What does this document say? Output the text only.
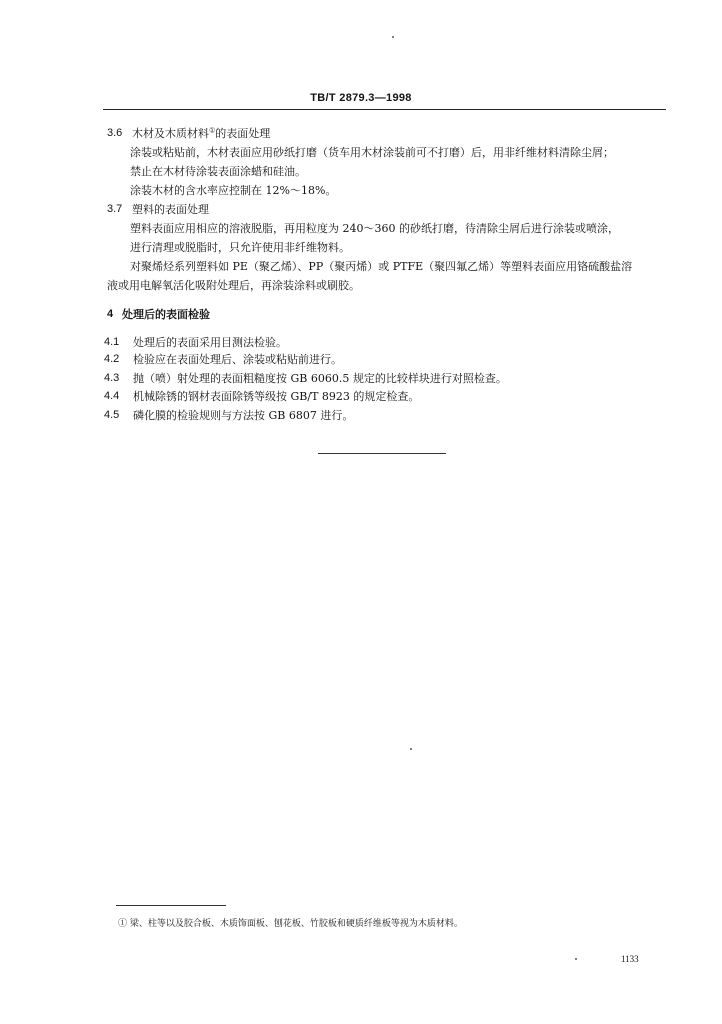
TB/T 2879.3—1998
3.6 木材及木质材料①的表面处理
涂装或粘贴前，木材表面应用砂纸打磨（货车用木材涂装前可不打磨）后，用非纤维材料清除尘屑；
禁止在木材待涂装表面涂蜡和硅油。
涂装木材的含水率应控制在 12%～18%。
3.7 塑料的表面处理
塑料表面应用相应的溶液脱脂，再用粒度为 240～360 的砂纸打磨，待清除尘屑后进行涂装或喷涂，
进行清理或脱脂时，只允许使用非纤维物料。
对聚烯烃系列塑料如 PE（聚乙烯）、PP（聚丙烯）或 PTFE（聚四氟乙烯）等塑料表面应用铬硫酸盐溶
液或用电解氧活化吸附处理后，再涂装涂料或刷胶。
4 处理后的表面检验
4.1 处理后的表面采用目测法检验。
4.2 检验应在表面处理后、涂装或粘贴前进行。
4.3 抛（喷）射处理的表面粗糙度按 GB 6060.5 规定的比较样块进行对照检查。
4.4 机械除锈的钢材表面除锈等级按 GB/T 8923 的规定检查。
4.5 磷化膜的检验规则与方法按 GB 6807 进行。
① 梁、柱等以及胶合板、木质饰面板、刨花板、竹胶板和硬质纤维板等视为木质材料。
1133
